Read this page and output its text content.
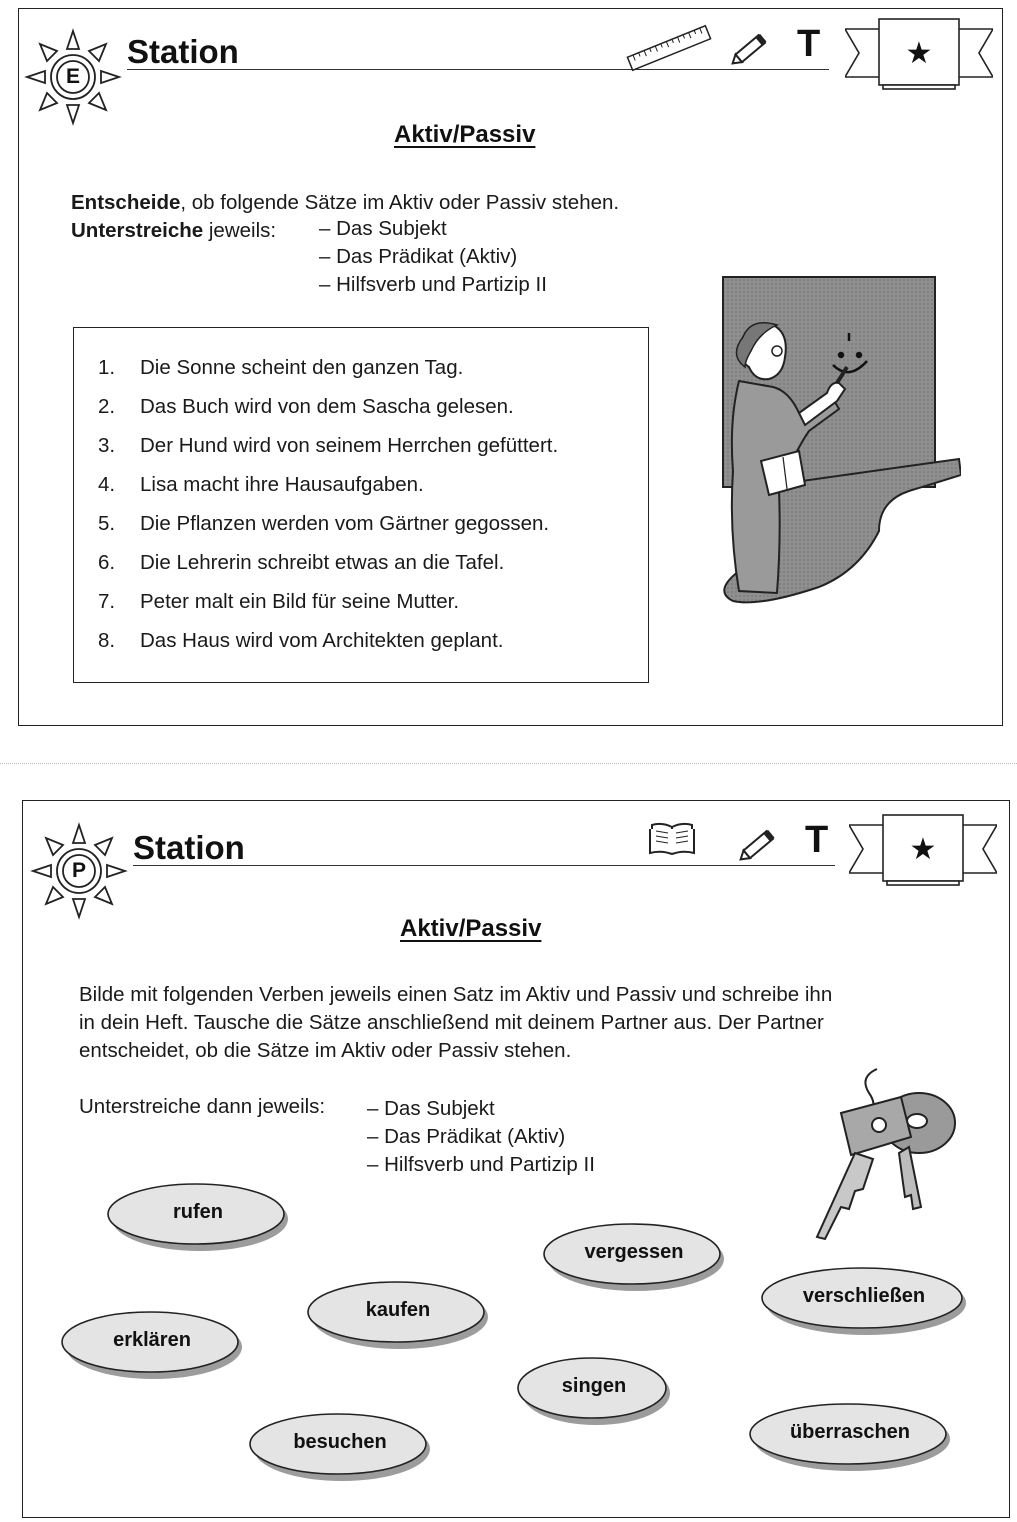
E
Station	T	★
Aktiv/Passiv
Entscheide , ob folgende Sätze im Aktiv oder Passiv stehen.
Unterstreiche jeweils:	– Das Subjekt
– Das Prädikat (Aktiv)
– Hilfsverb und Partizip II
1.	Die Sonne scheint den ganzen Tag.
2.	Das Buch wird von dem Sascha gelesen.
3.	Der Hund wird von seinem Herrchen gefüttert.
4.	Lisa macht ihre Hausaufgaben.
5.	Die Pflanzen werden vom Gärtner gegossen.
6.	Die Lehrerin schreibt etwas an die Tafel.
7.	Peter malt ein Bild für seine Mutter.
8.	Das Haus wird vom Architekten geplant.
P
Station	T	★
Aktiv/Passiv
Bilde mit folgenden Verben jeweils einen Satz im Aktiv und Passiv und schreibe ihn
in dein Heft. Tausche die Sätze anschließend mit deinem Partner aus. Der Partner
entscheidet, ob die Sätze im Aktiv oder Passiv stehen.
Unterstreiche dann jeweils:	– Das Subjekt
– Das Prädikat (Aktiv)
– Hilfsverb und Partizip II
rufen
vergessen
kaufen
verschließen
erklären
singen
besuchen	überraschen
